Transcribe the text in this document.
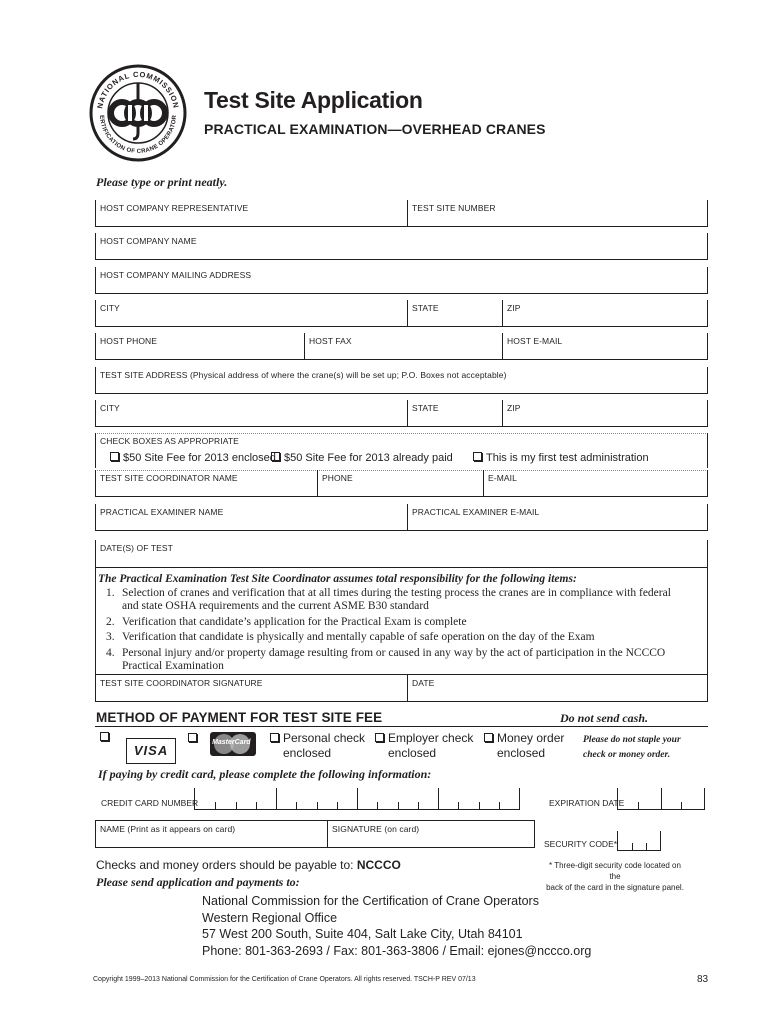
NATIONAL COMMISSION
ERTIFICATION OF CRANE OPERATOR
Test Site Application
PRACTICAL EXAMINATION—OVERHEAD CRANES
Please type or print neatly.
HOST COMPANY REPRESENTATIVE	TEST SITE NUMBER
HOST COMPANY NAME
HOST COMPANY MAILING ADDRESS
CITY	STATE	ZIP
HOST PHONE	HOST FAX	HOST E-MAIL
TEST SITE ADDRESS (Physical address of where the crane(s) will be set up; P.O. Boxes not acceptable)
CITY	STATE	ZIP
CHECK BOXES AS APPROPRIATE
$50 Site Fee for 2013 enclosed $50 Site Fee for 2013 already paid	This is my first test administration
TEST SITE COORDINATOR NAME	PHONE	E-MAIL
PRACTICAL EXAMINER NAME	PRACTICAL EXAMINER E-MAIL
DATE(S) OF TEST
The Practical Examination Test Site Coordinator assumes total responsibility for the following items:
1. Selection of cranes and verification that at all times during the testing process the cranes are in compliance with federal
and state OSHA requirements and the current ASME B30 standard
2. Verification that candidate’s application for the Practical Exam is complete
3. Verification that candidate is physically and mentally capable of safe operation on the day of the Exam
4. Personal injury and/or property damage resulting from or caused in any way by the act of participation in the NCCCO
Practical Examination
TEST SITE COORDINATOR SIGNATURE	DATE
METHOD OF PAYMENT FOR TEST SITE FEE	Do not send cash.
VISA

MasterCard	Personal check
enclosed
Employer check
enclosed
Money order
enclosed
Please do not staple your
check or money order.
If paying by credit card, please complete the following information:
CREDIT CARD NUMBER	EXPIRATION DATE
NAME (Print as it appears on card)	SIGNATURE (on card)
SECURITY CODE*
* Three-digit security code located on the
back of the card in the signature panel.
Checks and money orders should be payable to: NCCCO
Please send application and payments to:
National Commission for the Certification of Crane Operators
Western Regional Office
57 West 200 South, Suite 404, Salt Lake City, Utah 84101
Phone: 801-363-2693 / Fax: 801-363-3806 / Email: ejones@nccco.org
Copyright 1999–2013 National Commission for the Certification of Crane Operators. All rights reserved. TSCH-P REV 07/13	83
